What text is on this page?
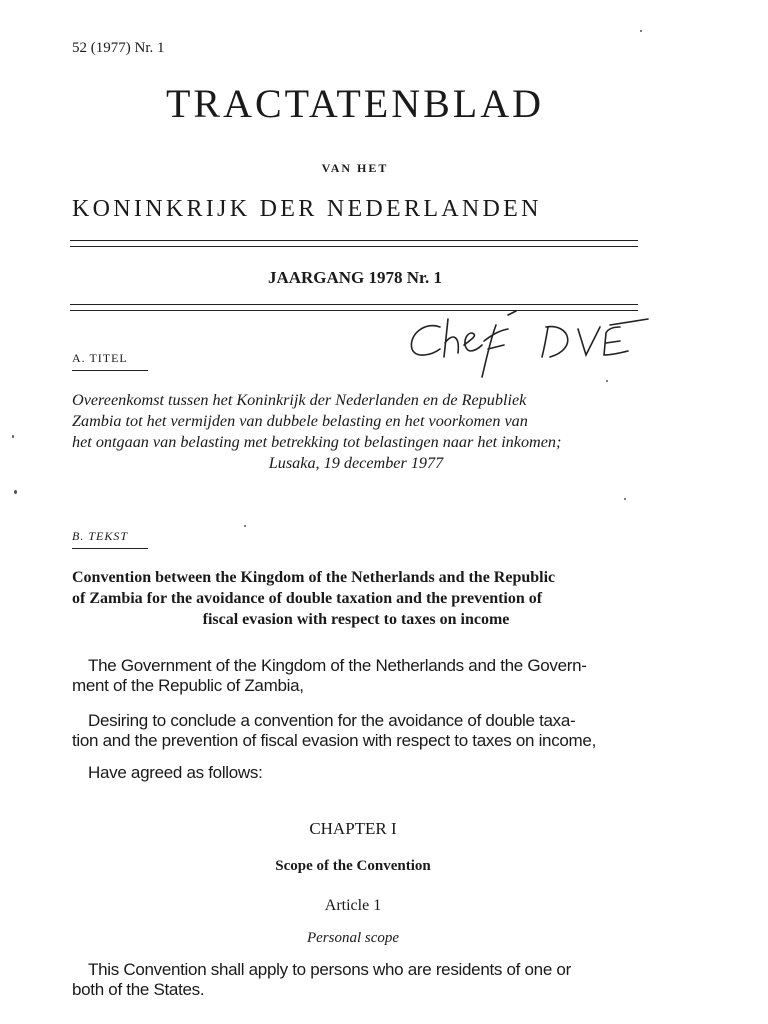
52 (1977) Nr. 1
TRACTATENBLAD
VAN HET
KONINKRIJK DER NEDERLANDEN
JAARGANG 1978 Nr. 1
A. TITEL

Overeenkomst tussen het Koninkrijk der Nederlanden en de Republiek

Zambia tot het vermijden van dubbele belasting en het voorkomen van

het ontgaan van belasting met betrekking tot belastingen naar het inkomen;

Lusaka, 19 december 1977

B. TEKST

Convention between the Kingdom of the Netherlands and the Republic

of Zambia for the avoidance of double taxation and the prevention of

fiscal evasion with respect to taxes on income

The Government of the Kingdom of the Netherlands and the Govern-

ment of the Republic of Zambia,

Desiring to conclude a convention for the avoidance of double taxa-

tion and the prevention of fiscal evasion with respect to taxes on income,

Have agreed as follows:

CHAPTER I
Scope of the Convention
Article 1
Personal scope

This Convention shall apply to persons who are residents of one or

both of the States.
